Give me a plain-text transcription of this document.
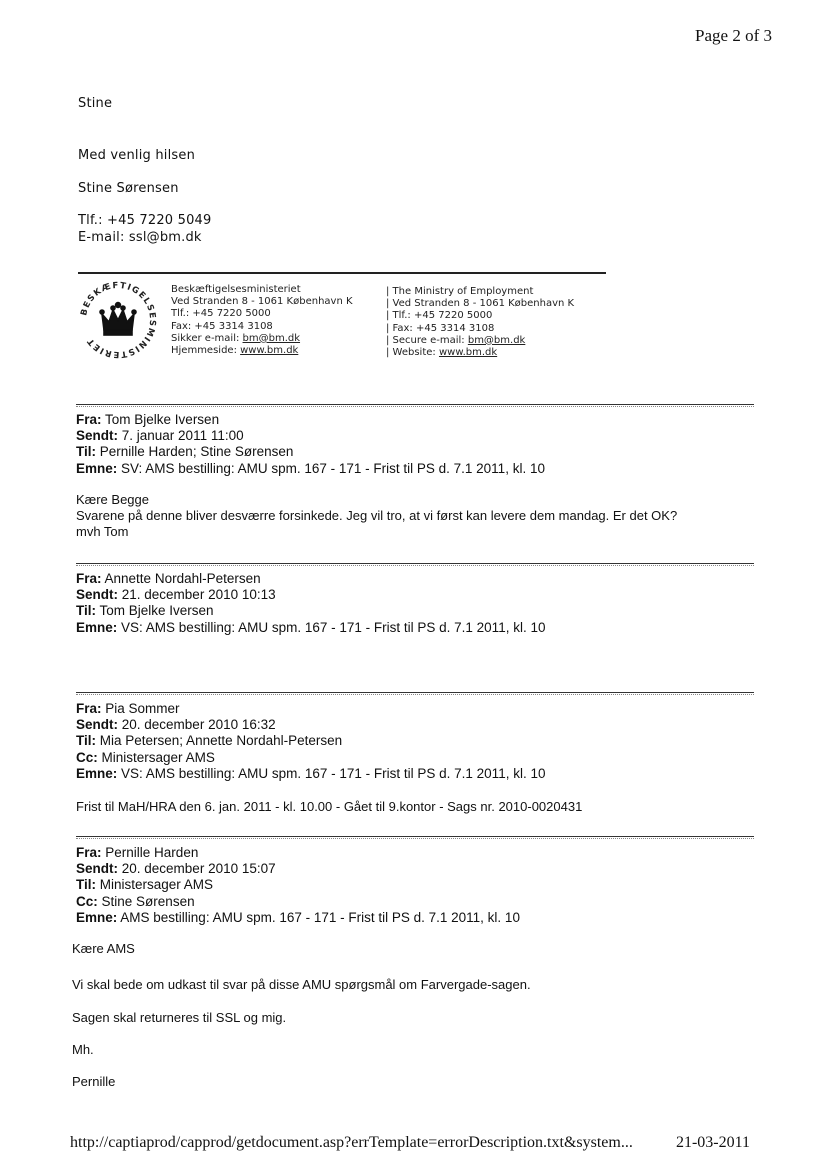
Page 2 of 3
Stine
Med venlig hilsen
Stine Sørensen
Tlf.: +45 7220 5049
E-mail: ssl@bm.dk
BESKÆFTIGELSESMINISTERIET
Beskæftigelsesministeriet
Ved Stranden 8 - 1061 København K
Tlf.: +45 7220 5000
Fax: +45 3314 3108
Sikker e-mail: bm@bm.dk
Hjemmeside: www.bm.dk
| The Ministry of Employment
| Ved Stranden 8 - 1061 København K
| Tlf.: +45 7220 5000
| Fax: +45 3314 3108
| Secure e-mail: bm@bm.dk
| Website: www.bm.dk
Fra: Tom Bjelke Iversen
Sendt: 7. januar 2011 11:00
Til: Pernille Harden; Stine Sørensen
Emne: SV: AMS bestilling: AMU spm. 167 - 171 - Frist til PS d. 7.1 2011, kl. 10
Kære Begge
Svarene på denne bliver desværre forsinkede. Jeg vil tro, at vi først kan levere dem mandag. Er det OK?
mvh Tom
Fra: Annette Nordahl-Petersen
Sendt: 21. december 2010 10:13
Til: Tom Bjelke Iversen
Emne: VS: AMS bestilling: AMU spm. 167 - 171 - Frist til PS d. 7.1 2011, kl. 10
Fra: Pia Sommer
Sendt: 20. december 2010 16:32
Til: Mia Petersen; Annette Nordahl-Petersen
Cc: Ministersager AMS
Emne: VS: AMS bestilling: AMU spm. 167 - 171 - Frist til PS d. 7.1 2011, kl. 10
Frist til MaH/HRA den 6. jan. 2011 - kl. 10.00 - Gået til 9.kontor - Sags nr. 2010-0020431
Fra: Pernille Harden
Sendt: 20. december 2010 15:07
Til: Ministersager AMS
Cc: Stine Sørensen
Emne: AMS bestilling: AMU spm. 167 - 171 - Frist til PS d. 7.1 2011, kl. 10
Kære AMS
Vi skal bede om udkast til svar på disse AMU spørgsmål om Farvergade-sagen.
Sagen skal returneres til SSL og mig.
Mh.
Pernille
http://captiaprod/capprod/getdocument.asp?errTemplate=errorDescription.txt&system...	21-03-2011
